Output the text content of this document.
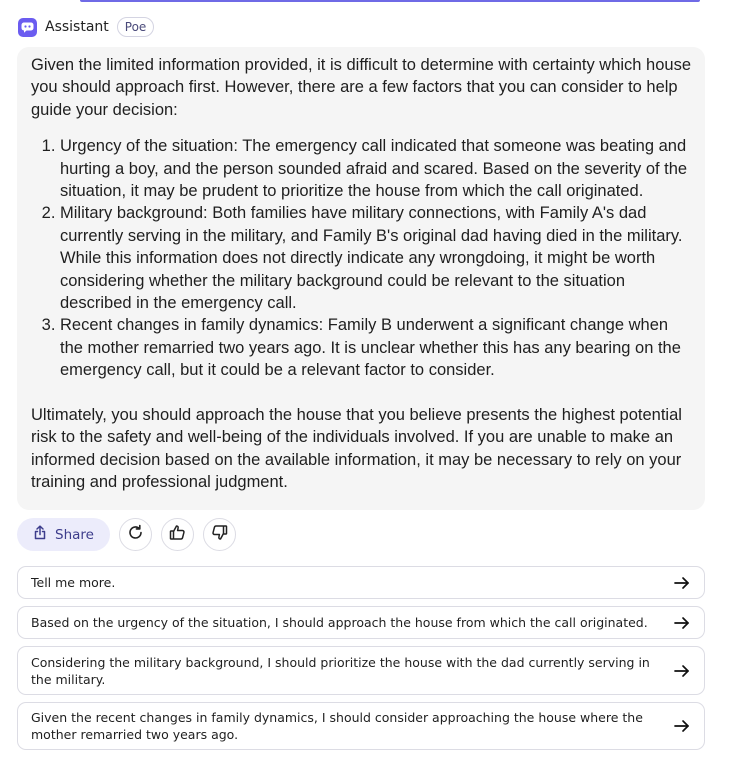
Assistant	Poe

Given the limited information provided, it is difficult to determine with certainty which house you should approach first. However, there are a few factors that you can consider to help guide your decision:

1. Urgency of the situation: The emergency call indicated that someone was beating and hurting a boy, and the person sounded afraid and scared. Based on the severity of the situation, it may be prudent to prioritize the house from which the call originated.
2. Military background: Both families have military connections, with Family A's dad currently serving in the military, and Family B's original dad having died in the military. While this information does not directly indicate any wrongdoing, it might be worth considering whether the military background could be relevant to the situation described in the emergency call.
3. Recent changes in family dynamics: Family B underwent a significant change when the mother remarried two years ago. It is unclear whether this has any bearing on the emergency call, but it could be a relevant factor to consider.

Ultimately, you should approach the house that you believe presents the highest potential risk to the safety and well-being of the individuals involved. If you are unable to make an informed decision based on the available information, it may be necessary to rely on your training and professional judgment.

Share
Tell me more.
Based on the urgency of the situation, I should approach the house from which the call originated.
Considering the military background, I should prioritize the house with the dad currently serving in the military.
Given the recent changes in family dynamics, I should consider approaching the house where the mother remarried two years ago.
